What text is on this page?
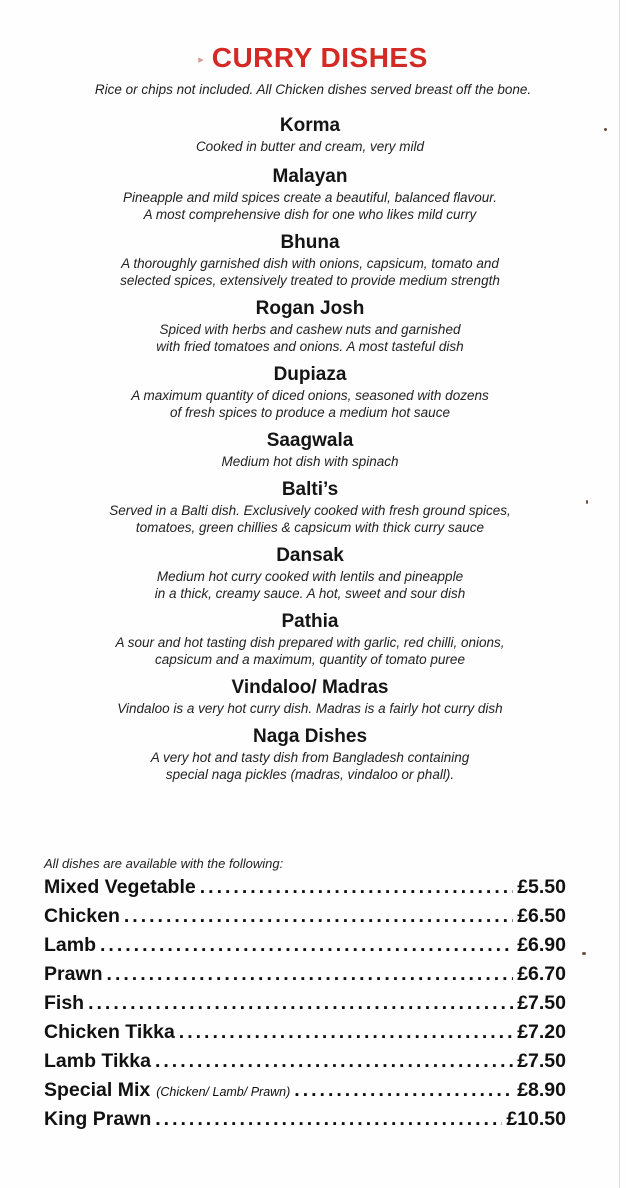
▸ CURRY DISHES
Rice or chips not included. All Chicken dishes served breast off the bone.
Korma
Cooked in butter and cream, very mild
Malayan
Pineapple and mild spices create a beautiful, balanced flavour.
A most comprehensive dish for one who likes mild curry
Bhuna
A thoroughly garnished dish with onions, capsicum, tomato and
selected spices, extensively treated to provide medium strength
Rogan Josh
Spiced with herbs and cashew nuts and garnished
with fried tomatoes and onions. A most tasteful dish
Dupiaza
A maximum quantity of diced onions, seasoned with dozens
of fresh spices to produce a medium hot sauce
Saagwala
Medium hot dish with spinach
Balti’s
Served in a Balti dish. Exclusively cooked with fresh ground spices,
tomatoes, green chillies & capsicum with thick curry sauce
Dansak
Medium hot curry cooked with lentils and pineapple
in a thick, creamy sauce. A hot, sweet and sour dish
Pathia
A sour and hot tasting dish prepared with garlic, red chilli, onions,
capsicum and a maximum, quantity of tomato puree
Vindaloo/ Madras
Vindaloo is a very hot curry dish. Madras is a fairly hot curry dish
Naga Dishes
A very hot and tasty dish from Bangladesh containing
special naga pickles (madras, vindaloo or phall).
All dishes are available with the following:
Mixed Vegetable .....	£5.50
Chicken .....	£6.50
Lamb .....	£6.90
Prawn .....	£6.70
Fish .....	£7.50
Chicken Tikka .....	£7.20
Lamb Tikka .....	£7.50
Special Mix (Chicken/ Lamb/ Prawn) .....	£8.90
King Prawn .....	£10.50
